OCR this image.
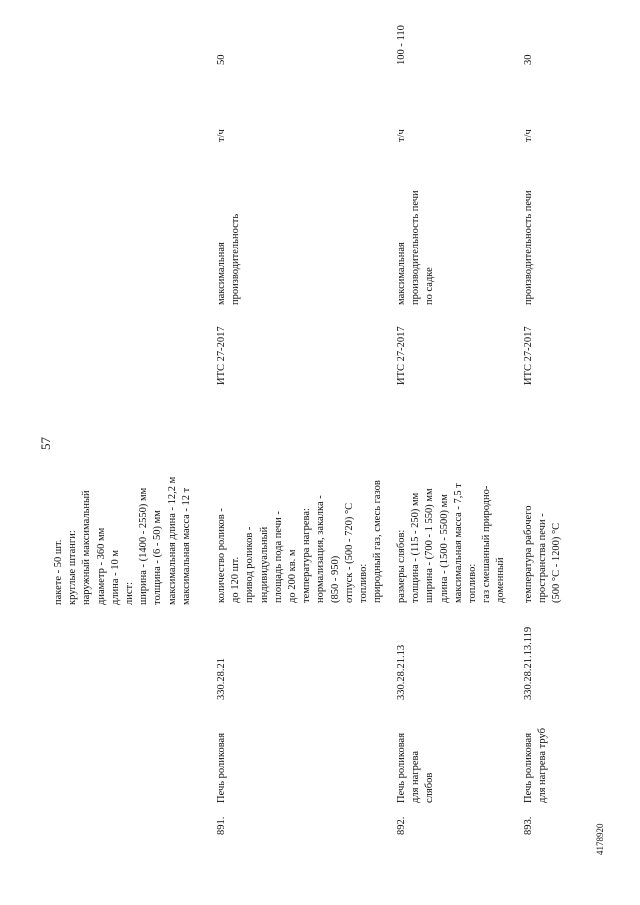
57
пакете - 50 шт.
круглые штанги:
наружный максимальный
диаметр - 360 мм
длина - 10 м
лист:
ширина - (1400 - 2550) мм
толщина - (6 - 50) мм
максимальная длина - 12,2 м
максимальная масса - 12 т
891.
Печь роликовая
330.28.21
количество роликов -
до 120 шт.
привод роликов -
индивидуальный
площадь пода печи -
до 200 кв. м
температура нагрева:
нормализация, закалка -
(850 - 950)
отпуск - (500 - 720) °C
топливо:
природный газ, смесь газов
ИТС 27-2017
максимальная
производительность
т/ч
50
892.
Печь роликовая
для нагрева
слябов
330.28.21.13
размеры слябов:
толщина - (115 - 250) мм
ширина - (700 - 1 550) мм
длина - (1500 - 5500) мм
максимальная масса - 7,5 т
топливо:
газ смешанный природно-
доменный
ИТС 27-2017
максимальная
производительность печи
по садке
т/ч
100 - 110
893.
Печь роликовая
для нагрева труб
330.28.21.13.119
температура рабочего
пространства печи -
(500 °C - 1200) °C
ИТС 27-2017
производительность печи
т/ч
30
4178920
